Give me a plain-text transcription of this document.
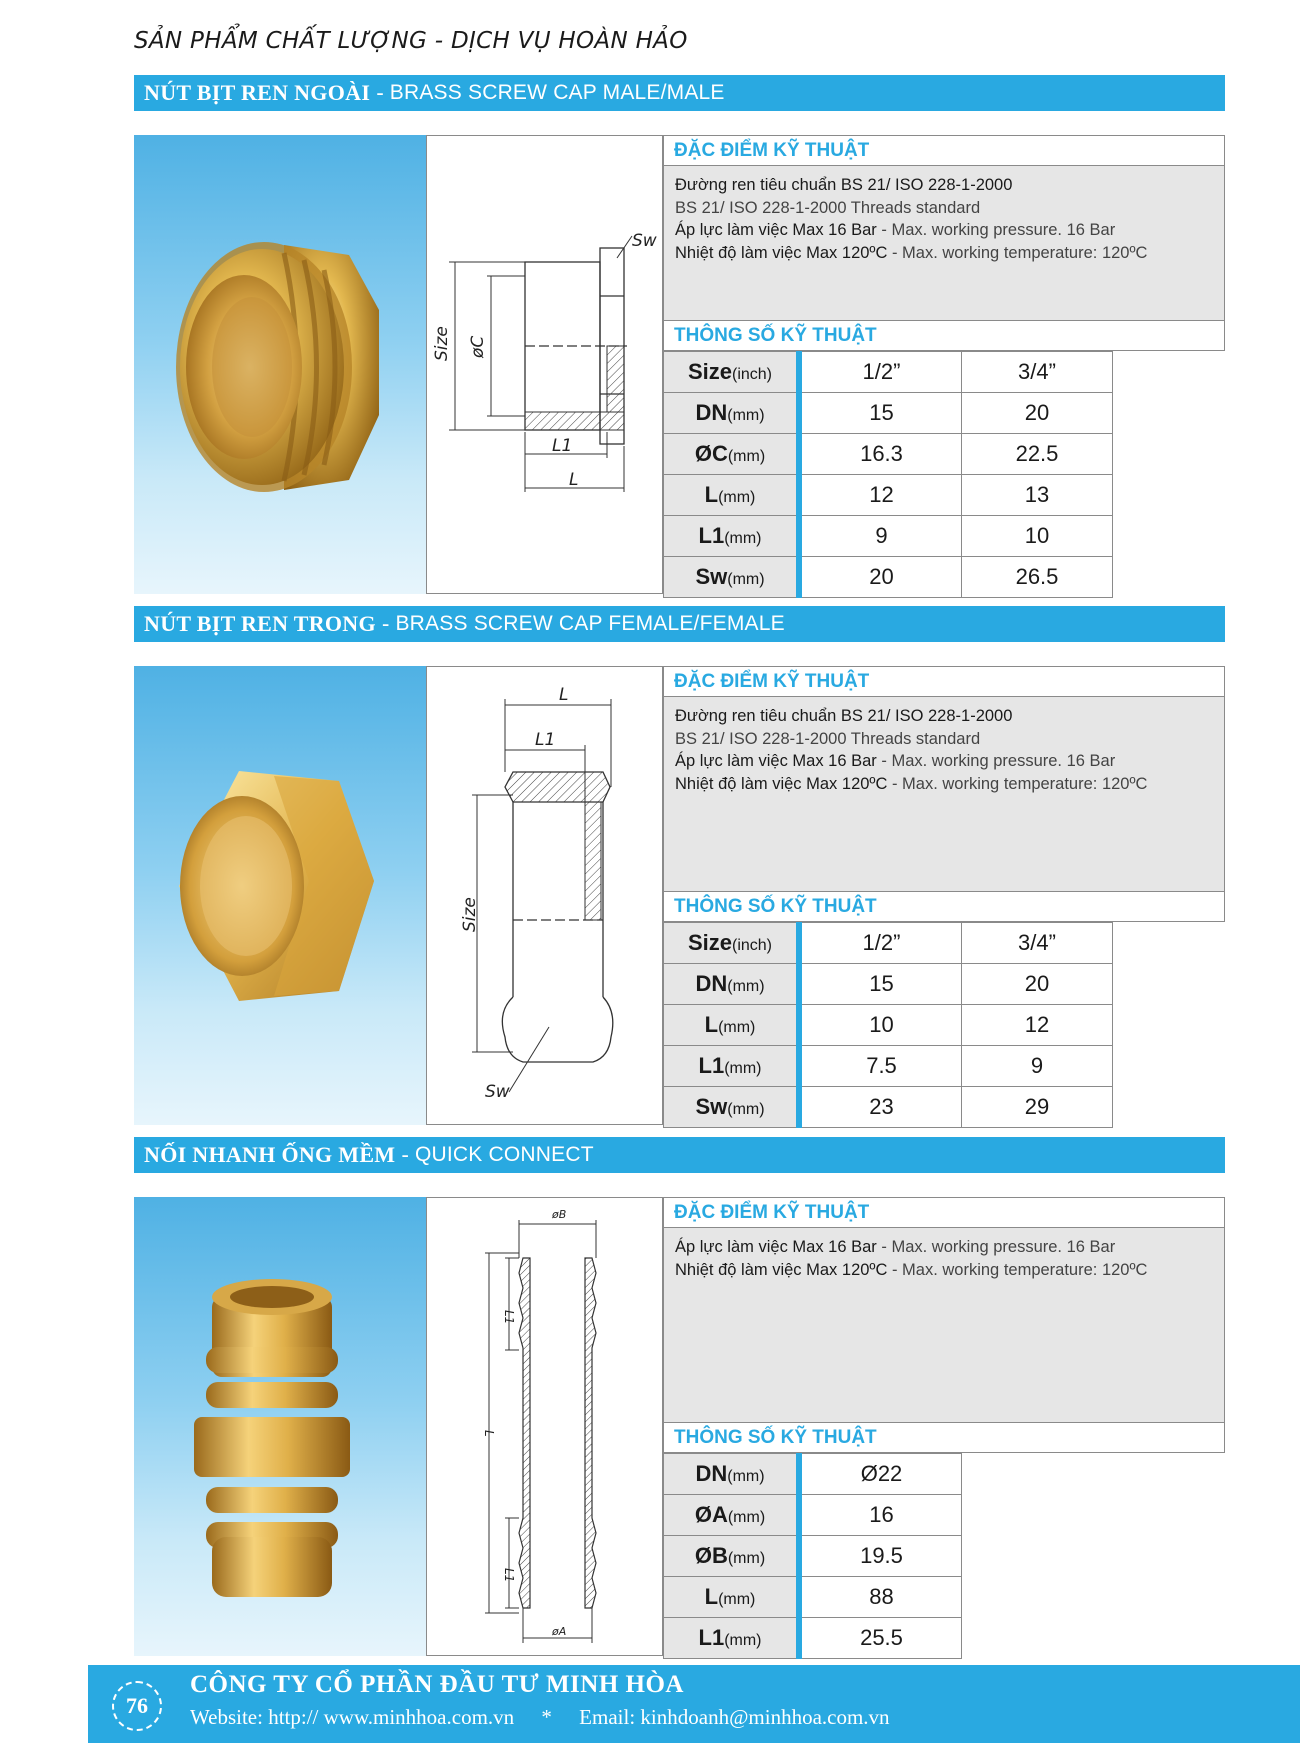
SẢN PHẨM CHẤT LƯỢNG - DỊCH VỤ HOÀN HẢO
NÚT BỊT REN NGOÀI - BRASS SCREW CAP MALE/MALE
Size øC
L1
L
Sw
ĐẶC ĐIỂM KỸ THUẬT
Đường ren tiêu chuẩn BS 21/ ISO 228-1-2000
BS 21/ ISO 228-1-2000 Threads standard
Áp lực làm việc Max 16 Bar - Max. working pressure. 16 Bar
Nhiệt độ làm việc Max 120ºC - Max. working temperature: 120ºC
THÔNG SỐ KỸ THUẬT
Size(inch)	1/2”	3/4”
DN(mm)	15	20
ØC(mm)	16.3	22.5
L(mm)	12	13
L1(mm)	9	10
Sw(mm)	20	26.5
NÚT BỊT REN TRONG - BRASS SCREW CAP FEMALE/FEMALE
L
L1
Size
Sw
ĐẶC ĐIỂM KỸ THUẬT
Đường ren tiêu chuẩn BS 21/ ISO 228-1-2000
BS 21/ ISO 228-1-2000 Threads standard
Áp lực làm việc Max 16 Bar - Max. working pressure. 16 Bar
Nhiệt độ làm việc Max 120ºC - Max. working temperature: 120ºC
THÔNG SỐ KỸ THUẬT
Size(inch)	1/2”	3/4”
DN(mm)	15	20
L(mm)	10	12
L1(mm)	7.5	9
Sw(mm)	23	29
NỐI NHANH ỐNG MỀM - QUICK CONNECT
øB
øA
L1
L1
L
ĐẶC ĐIỂM KỸ THUẬT
Áp lực làm việc Max 16 Bar - Max. working pressure. 16 Bar
Nhiệt độ làm việc Max 120ºC - Max. working temperature: 120ºC
THÔNG SỐ KỸ THUẬT
DN(mm)	Ø22
ØA(mm)	16
ØB(mm)	19.5
L(mm)	88
L1(mm)	25.5
76
CÔNG TY CỔ PHẦN ĐẦU TƯ MINH HÒA
Website: http:// www.minhhoa.com.vn * Email: kinhdoanh@minhhoa.com.vn
